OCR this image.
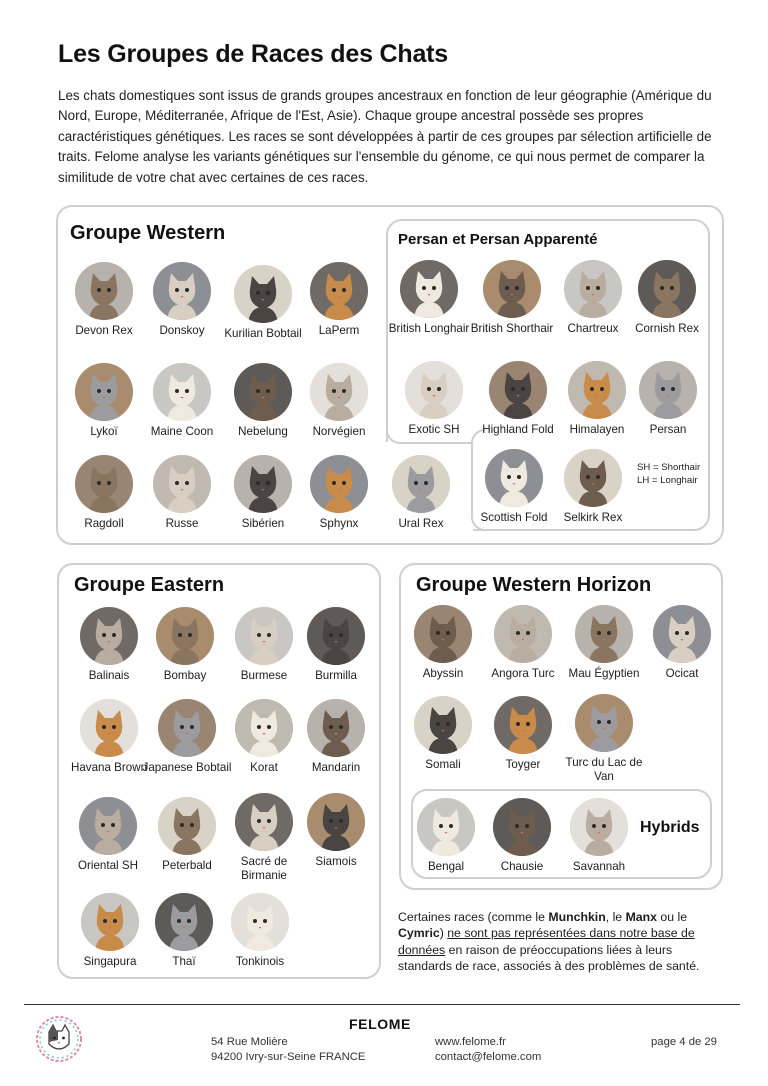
Les Groupes de Races des Chats

Les chats domestiques sont issus de grands groupes ancestraux en fonction de leur géographie (Amérique du Nord, Europe, Méditerranée, Afrique de l'Est, Asie). Chaque groupe ancestral possède ses propres caractéristiques génétiques. Les races se sont développées à partir de ces groupes par sélection artificielle de traits. Felome analyse les variants génétiques sur l'ensemble du génome, ce qui nous permet de comparer la similitude de votre chat avec certaines de ces races.

Groupe Western	Persan et Persan Apparenté
SH = Shorthair
LH = Longhair
Groupe Eastern	Groupe Western Horizon
Hybrids
Devon Rex	Donskoy	Kurilian Bobtail	LaPerm
Lykoï	Maine Coon	Nebelung	Norvégien
Ragdoll	Russe	Sibérien	Sphynx	Ural Rex
British Longhair British Shorthair	Chartreux	Cornish Rex
Exotic SH	Highland Fold	Himalayen	Persan
Scottish Fold	Selkirk Rex
Balinais	Bombay	Burmese	Burmilla
Havana Brown
Japanese Bobtail	Korat	Mandarin
Oriental SH	Peterbald	Sacré de Birmanie
Siamois
Singapura	Thaï	Tonkinois
Abyssin	Angora Turc	Mau Égyptien	Ocicat
Somali	Toyger	Turc du Lac de Van
Bengal	Chausie	Savannah

Certaines races (comme le Munchkin, le Manx ou le Cymric) ne sont pas représentées dans notre base de données en raison de préoccupations liées à leurs standards de race, associés à des problèmes de santé.

FELOME
54 Rue Molière
94200 Ivry-sur-Seine FRANCE
www.felome.fr
contact@felome.com
page 4 de 29
